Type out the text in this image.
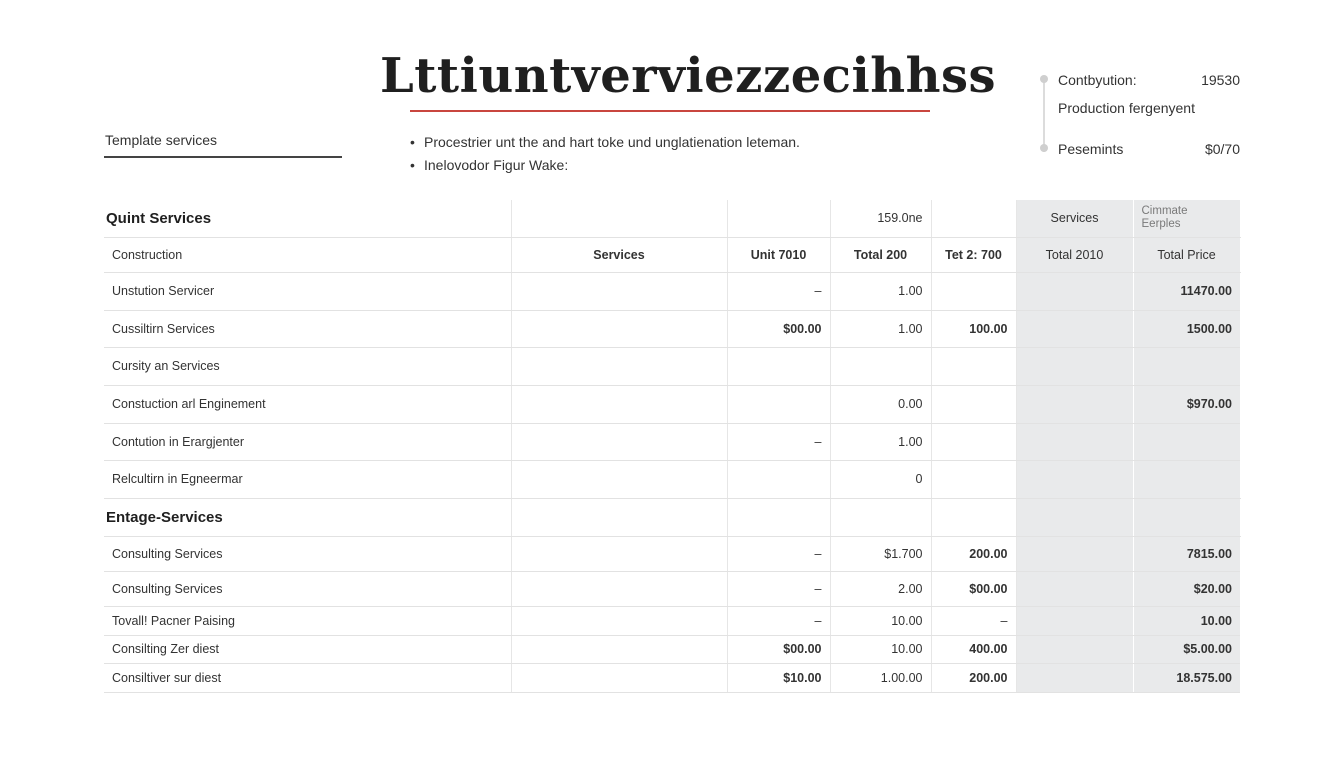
Lttiuntverviezzecihhss
Template services	• Procestrier unt the and hart toke und unglatienation leteman.
• Inelovodor Figur Wake:
Contbyution:	19530
Production fergenyent
Pesemints	$0/70
Quint Services			159.0ne		Services	Cimmate
Eerples

Construction	Services	Unit 7010	Total 200	Tet 2: 700	Total 2010	Total Price
Unstution Servicer		–	1.00			11470.00
Cussiltirn Services		$00.00	1.00	100.00		1500.00
Cursity an Services						
Constuction arl Enginement			0.00			$970.00
Contution in Erargjenter		–	1.00			
Relcultirn in Egneermar			0			
Entage-Services						
Consulting Services		–	$1.700	200.00		7815.00
Consulting Services		–	2.00	$00.00		$20.00
Tovall! Pacner Paising		–	10.00	–		10.00
Consilting Zer diest		$00.00	10.00	400.00		$5.00.00
Consiltiver sur diest		$10.00	1.00.00	200.00		18.575.00
